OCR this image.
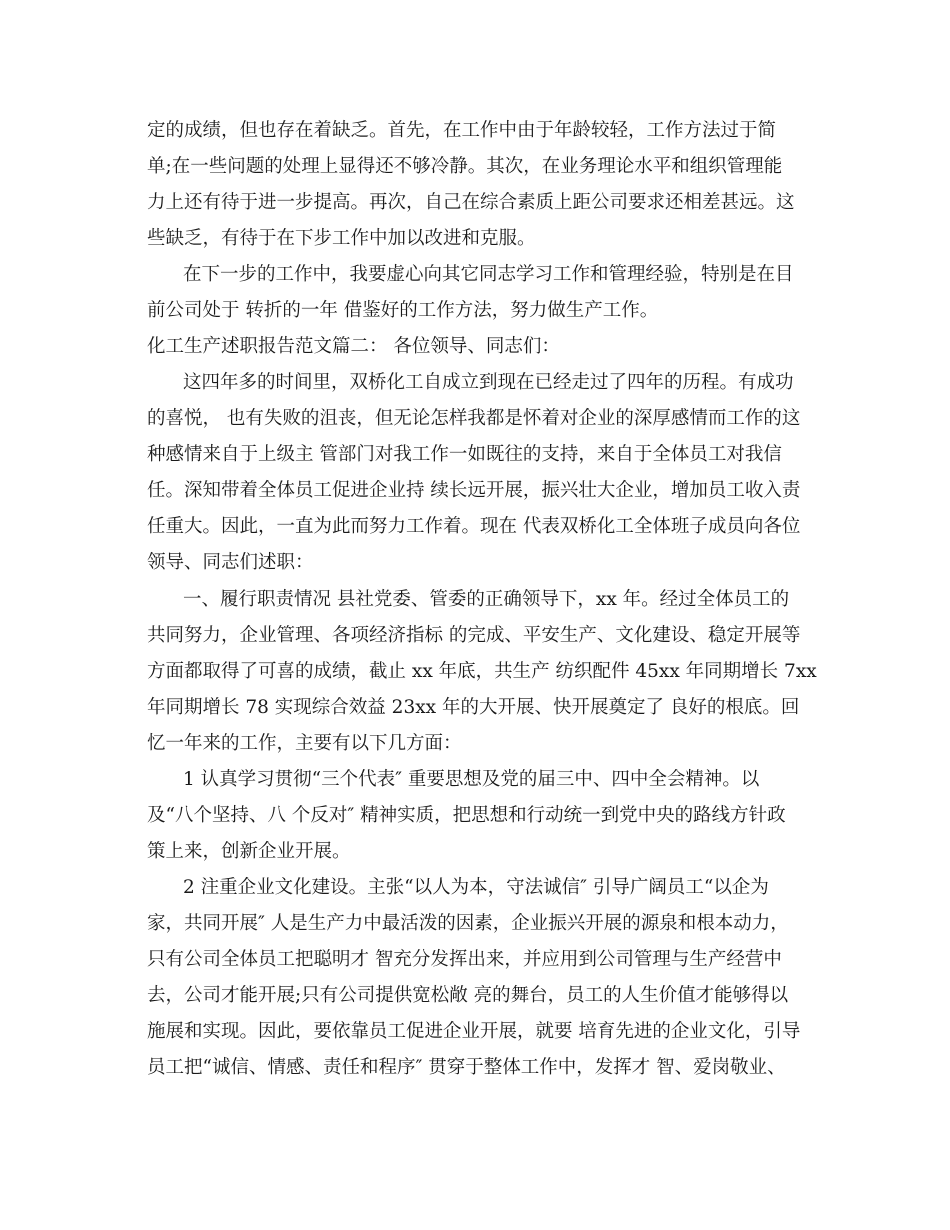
定的成绩，但也存在着缺乏。首先，在工作中由于年龄较轻，工作方法过于简
单;在一些问题的处理上显得还不够冷静。其次，在业务理论水平和组织管理能
力上还有待于进一步提高。再次，自己在综合素质上距公司要求还相差甚远。这
些缺乏，有待于在下步工作中加以改进和克服。
在下一步的工作中，我要虚心向其它同志学习工作和管理经验，特别是在目
前公司处于 转折的一年 借鉴好的工作方法，努力做生产工作。
化工生产述职报告范文篇二： 各位领导、同志们：
这四年多的时间里，双桥化工自成立到现在已经走过了四年的历程。有成功
的喜悦， 也有失败的沮丧，但无论怎样我都是怀着对企业的深厚感情而工作的这
种感情来自于上级主 管部门对我工作一如既往的支持，来自于全体员工对我信
任。深知带着全体员工促进企业持 续长远开展，振兴壮大企业，增加员工收入责
任重大。因此，一直为此而努力工作着。现在 代表双桥化工全体班子成员向各位
领导、同志们述职：
一、履行职责情况 县社党委、管委的正确领导下，xx 年。经过全体员工的
共同努力，企业管理、各项经济指标 的完成、平安生产、文化建设、稳定开展等
方面都取得了可喜的成绩，截止 xx 年底，共生产 纺织配件 45xx 年同期增长 7xx
年同期增长 78 实现综合效益 23xx 年的大开展、快开展奠定了 良好的根底。回
忆一年来的工作，主要有以下几方面：
1 认真学习贯彻“三个代表″ 重要思想及党的届三中、四中全会精神。以
及“八个坚持、八 个反对″ 精神实质，把思想和行动统一到党中央的路线方针政
策上来，创新企业开展。
2 注重企业文化建设。主张“以人为本，守法诚信″ 引导广阔员工“以企为
家，共同开展″ 人是生产力中最活泼的因素，企业振兴开展的源泉和根本动力，
只有公司全体员工把聪明才 智充分发挥出来，并应用到公司管理与生产经营中
去，公司才能开展;只有公司提供宽松敞 亮的舞台，员工的人生价值才能够得以
施展和实现。因此，要依靠员工促进企业开展，就要 培育先进的企业文化，引导
员工把“诚信、情感、责任和程序″ 贯穿于整体工作中，发挥才 智、爱岗敬业、
